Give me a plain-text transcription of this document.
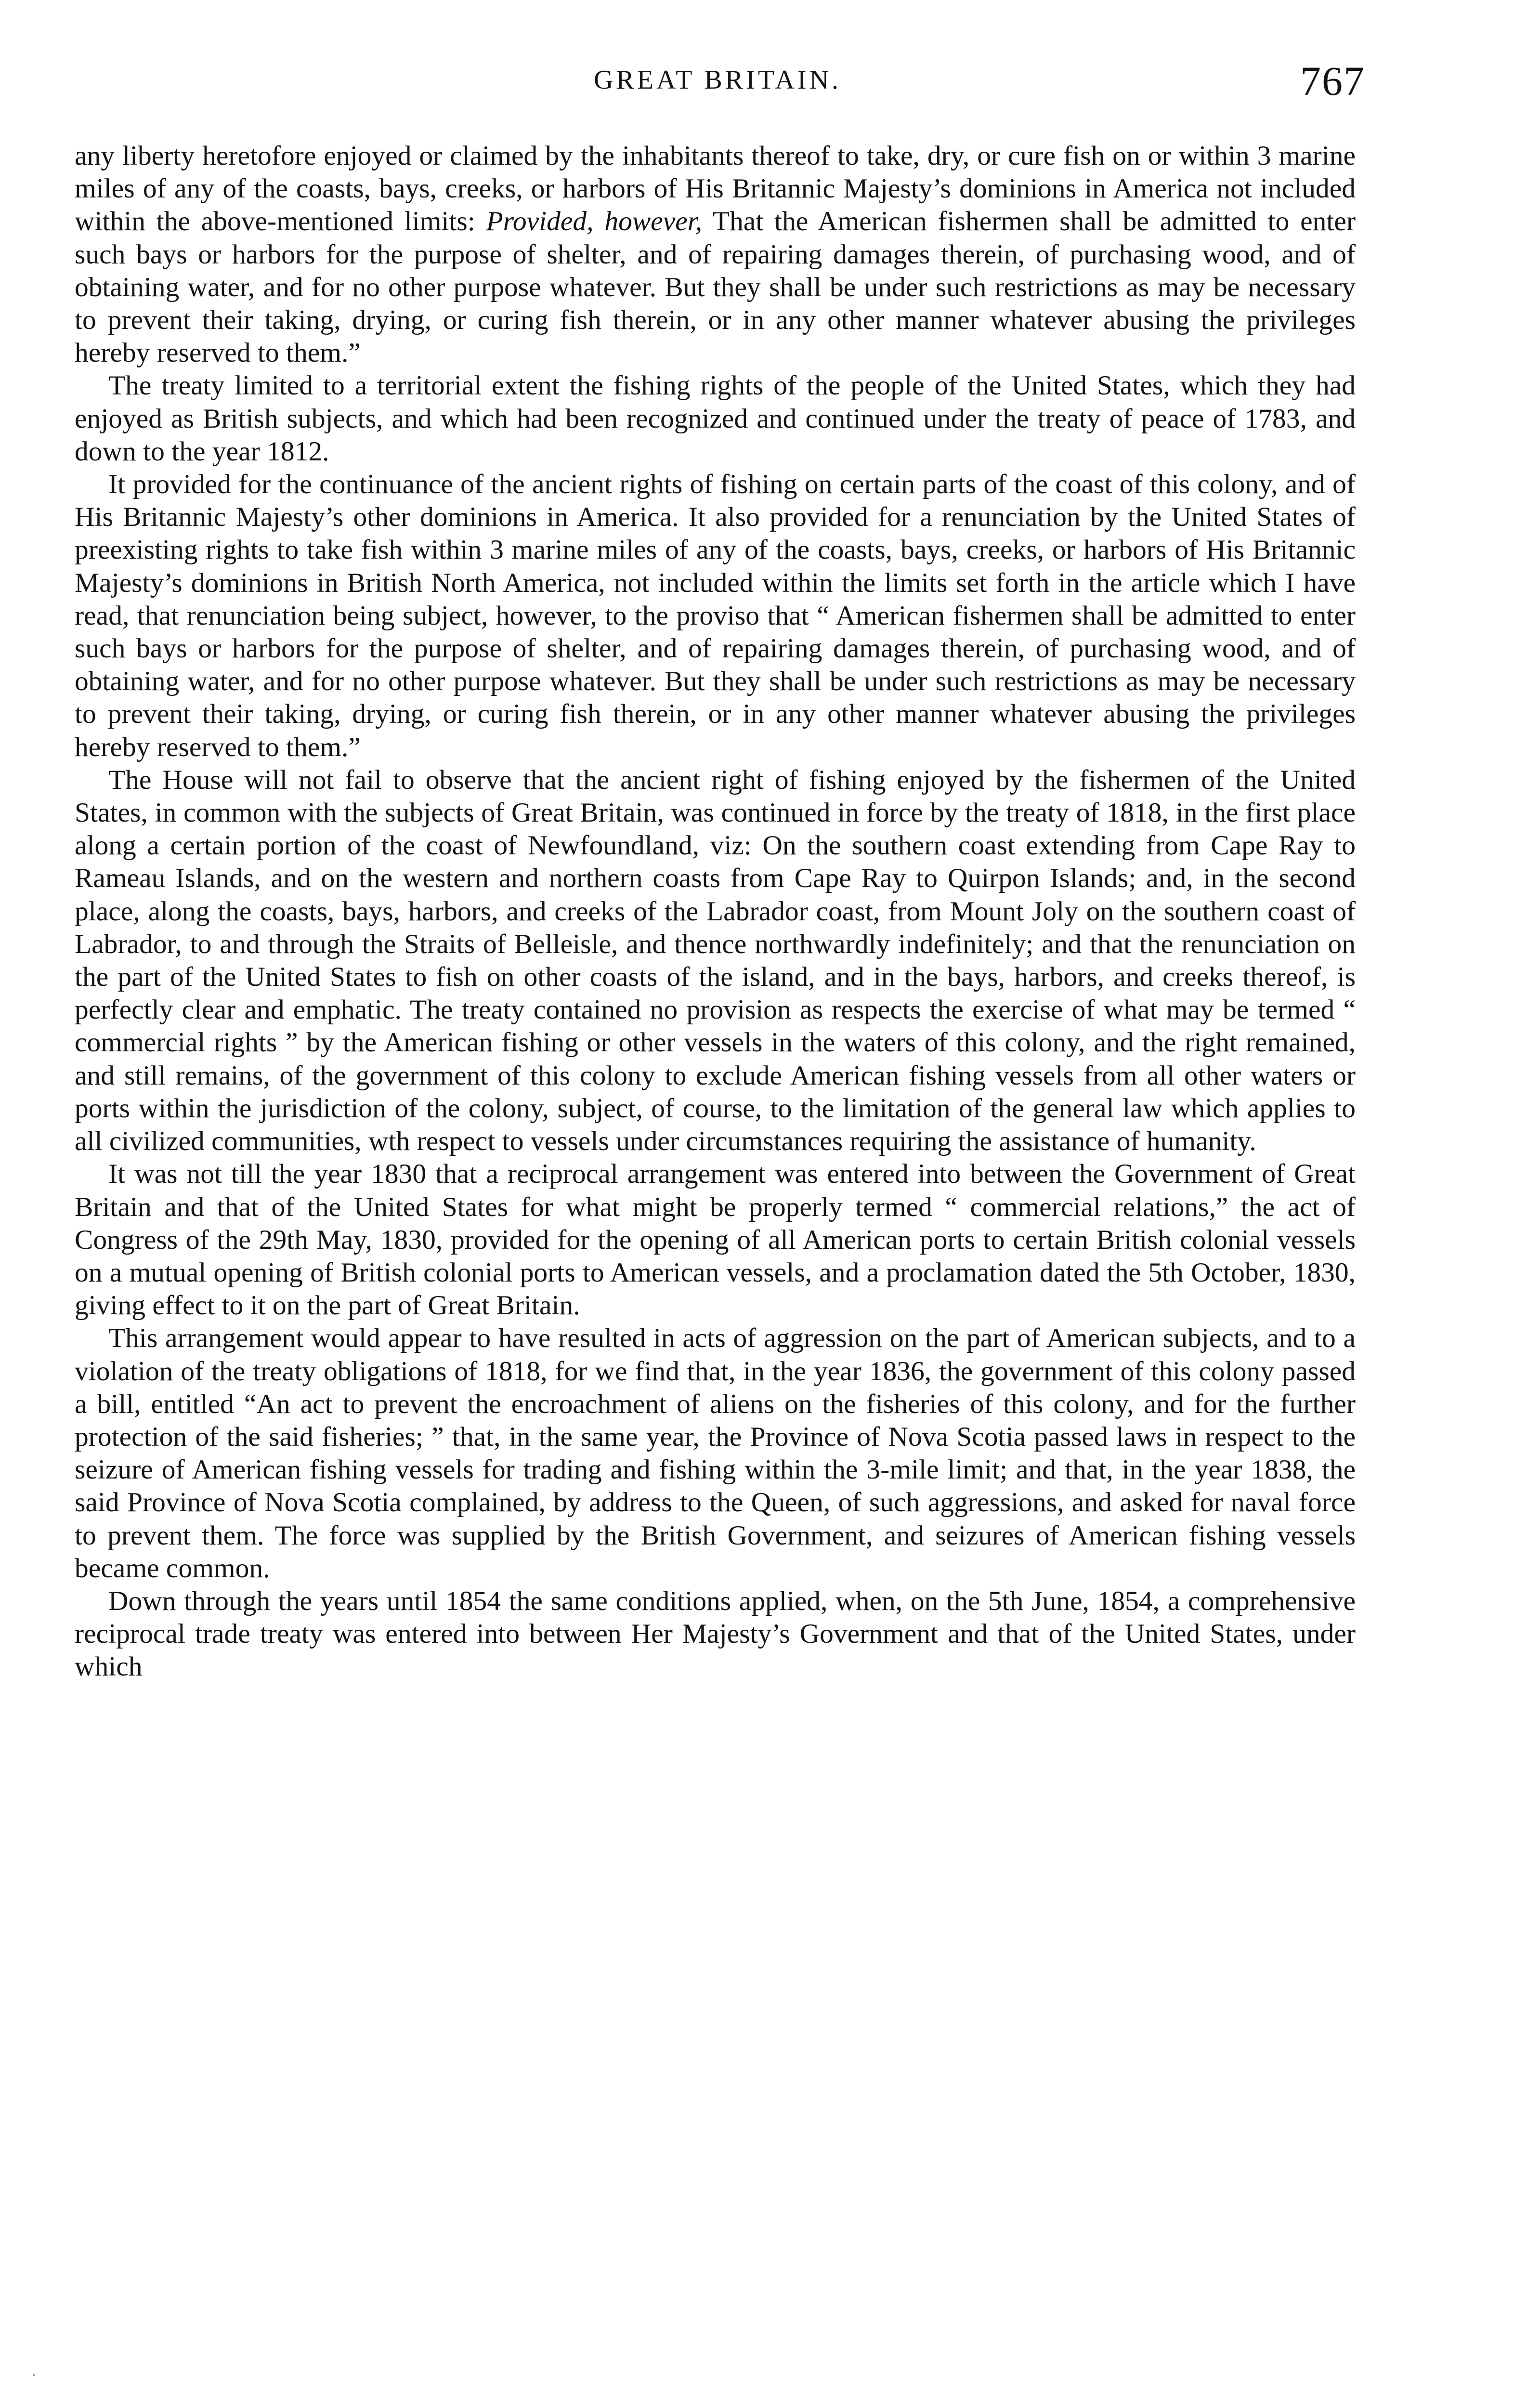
GREAT BRITAIN.	767

any liberty heretofore enjoyed or claimed by the inhabitants thereof to take, dry, or cure fish on or within 3 marine miles of any of the coasts, bays, creeks, or harbors of His Britannic Majesty’s dominions in America not included within the above-mentioned limits: Provided, however, That the American fishermen shall be admitted to enter such bays or harbors for the purpose of shelter, and of repairing damages therein, of purchasing wood, and of obtaining water, and for no other purpose whatever. But they shall be under such restrictions as may be necessary to prevent their taking, drying, or curing fish therein, or in any other manner whatever abusing the privileges hereby reserved to them.”

The treaty limited to a territorial extent the fishing rights of the people of the United States, which they had enjoyed as British subjects, and which had been recognized and continued under the treaty of peace of 1783, and down to the year 1812.

It provided for the continuance of the ancient rights of fishing on certain parts of the coast of this colony, and of His Britannic Majesty’s other dominions in America. It also provided for a renunciation by the United States of preexisting rights to take fish within 3 marine miles of any of the coasts, bays, creeks, or harbors of His Britannic Majesty’s dominions in British North America, not included within the limits set forth in the article which I have read, that renunciation being subject, however, to the proviso that “ American fishermen shall be admitted to enter such bays or harbors for the purpose of shelter, and of repairing damages therein, of purchasing wood, and of obtaining water, and for no other purpose whatever. But they shall be under such restrictions as may be necessary to prevent their taking, drying, or curing fish therein, or in any other manner whatever abusing the privileges hereby reserved to them.”

The House will not fail to observe that the ancient right of fishing enjoyed by the fishermen of the United States, in common with the subjects of Great Britain, was continued in force by the treaty of 1818, in the first place along a certain portion of the coast of Newfoundland, viz: On the southern coast extending from Cape Ray to Rameau Islands, and on the western and northern coasts from Cape Ray to Quirpon Islands; and, in the second place, along the coasts, bays, harbors, and creeks of the Labrador coast, from Mount Joly on the southern coast of Labrador, to and through the Straits of Belleisle, and thence northwardly indefinitely; and that the renunciation on the part of the United States to fish on other coasts of the island, and in the bays, harbors, and creeks thereof, is perfectly clear and emphatic. The treaty contained no provision as respects the exercise of what may be termed “ commercial rights ” by the American fishing or other vessels in the waters of this colony, and the right remained, and still remains, of the government of this colony to exclude American fishing vessels from all other waters or ports within the jurisdiction of the colony, subject, of course, to the limitation of the general law which applies to all civilized communities, wth respect to vessels under circumstances requiring the assistance of humanity.

It was not till the year 1830 that a reciprocal arrangement was entered into between the Government of Great Britain and that of the United States for what might be properly termed “ commercial relations,” the act of Congress of the 29th May, 1830, provided for the opening of all American ports to certain British colonial vessels on a mutual opening of British colonial ports to American vessels, and a proclamation dated the 5th October, 1830, giving effect to it on the part of Great Britain.

This arrangement would appear to have resulted in acts of aggression on the part of American subjects, and to a violation of the treaty obligations of 1818, for we find that, in the year 1836, the government of this colony passed a bill, entitled “An act to prevent the encroachment of aliens on the fisheries of this colony, and for the further protection of the said fisheries; ” that, in the same year, the Province of Nova Scotia passed laws in respect to the seizure of American fishing vessels for trading and fishing within the 3-mile limit; and that, in the year 1838, the said Province of Nova Scotia complained, by address to the Queen, of such aggressions, and asked for naval force to prevent them. The force was supplied by the British Government, and seizures of American fishing vessels became common.

Down through the years until 1854 the same conditions applied, when, on the 5th June, 1854, a comprehensive reciprocal trade treaty was entered into between Her Majesty’s Government and that of the United States, under which
